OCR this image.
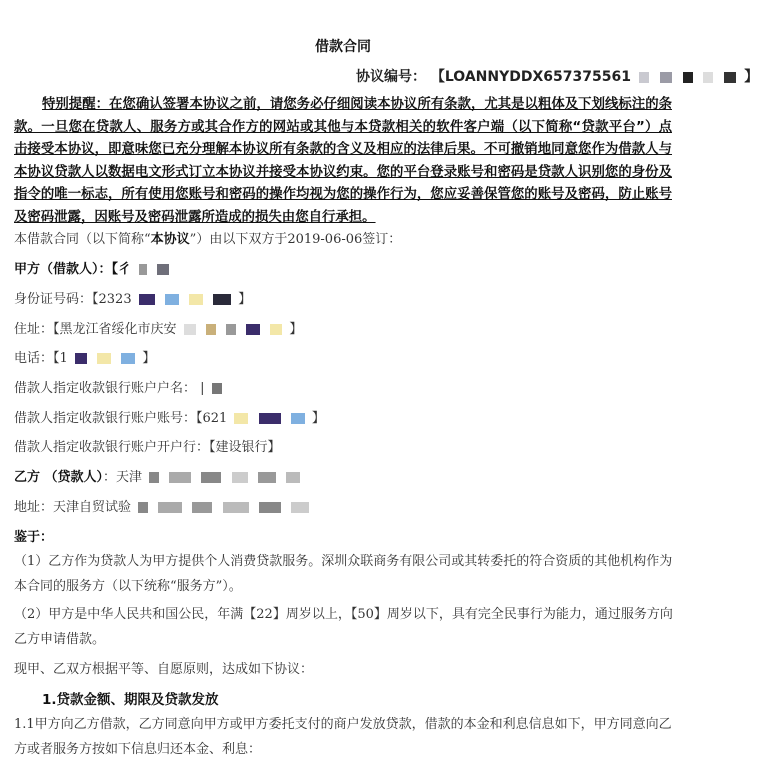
借款合同
协议编号： 【LOANNYDDX657375561	】
特别提醒：在您确认签署本协议之前，请您务必仔细阅读本协议所有条款，尤其是以粗体及下划线标注的条款。一旦您在贷款人、服务方或其合作方的网站或其他与本贷款相关的软件客户端（以下简称“贷款平台”）点击接受本协议，即意味您已充分理解本协议所有条款的含义及相应的法律后果。不可撤销地同意您作为借款人与本协议贷款人以数据电文形式订立本协议并接受本协议约束。您的平台登录账号和密码是贷款人识别您的身份及指令的唯一标志，所有使用您账号和密码的操作均视为您的操作行为，您应妥善保管您的账号及密码，防止账号及密码泄露，因账号及密码泄露所造成的损失由您自行承担。
本借款合同（以下简称“本协议”）由以下双方于2019-06-06签订：
甲方（借款人）：【彳
身份证号码：【2323	】
住址：【黑龙江省绥化市庆安	】
电话：【1	】
借款人指定收款银行账户户名： |
借款人指定收款银行账户账号：【621	】
借款人指定收款银行账户开户行：【建设银行】
乙方 （贷款人）：天津
地址：天津自贸试验
鉴于：
（1）乙方作为贷款人为甲方提供个人消费贷款服务。深圳众联商务有限公司或其转委托的符合资质的其他机构作为本合同的服务方（以下统称“服务方”）。
（2）甲方是中华人民共和国公民，年满【22】周岁以上，【50】周岁以下，具有完全民事行为能力，通过服务方向乙方申请借款。
现甲、乙双方根据平等、自愿原则，达成如下协议：
1.贷款金额、期限及贷款发放
1.1甲方向乙方借款，乙方同意向甲方或甲方委托支付的商户发放贷款，借款的本金和利息信息如下，甲方同意向乙方或者服务方按如下信息归还本金、利息：
